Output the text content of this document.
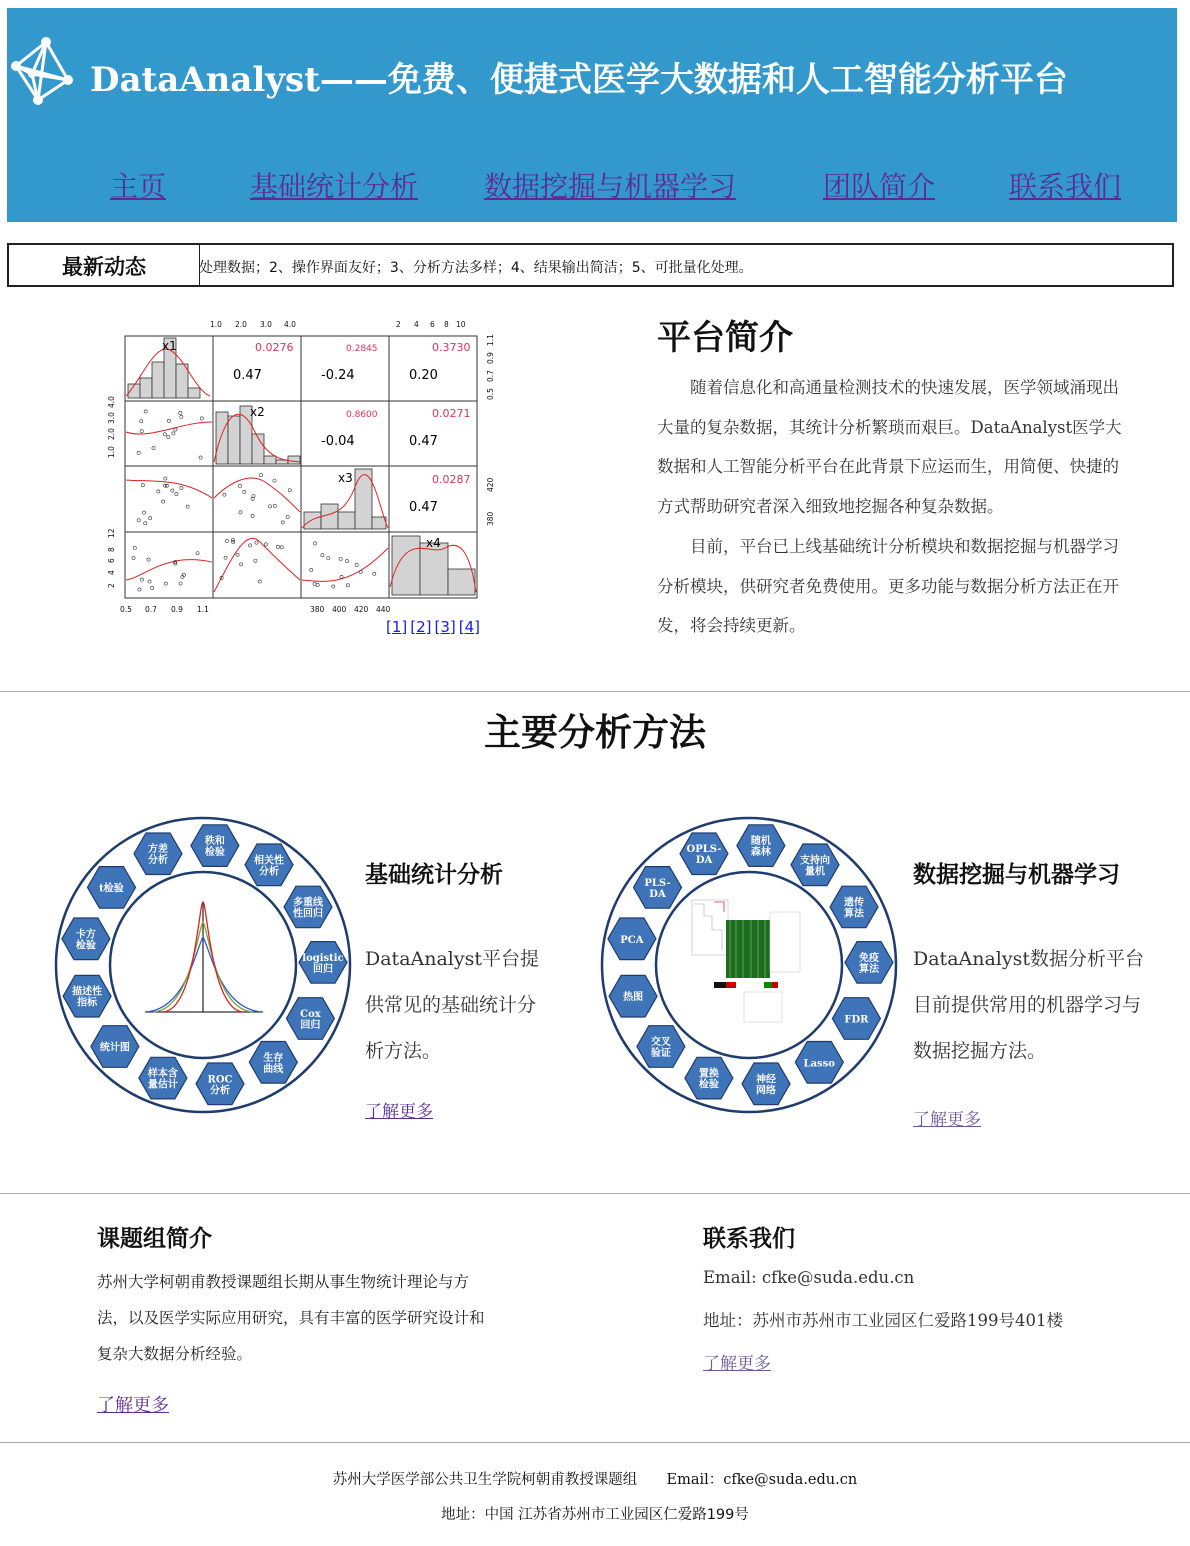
DataAnalyst——免费、便捷式医学大数据和人工智能分析平台
主页	基础统计分析 数据挖掘与机器学习	团队简介	联系我们
最新动态	处理数据；2、操作界面友好；3、分析方法多样；4、结果输出简洁；5、可批量化处理。
1.0 2.0 3.0 4.0	2 4 6 8 10
0.5 0.7 0.9 1.1	380 400 420 440
1.0
2.0
3.0
4.0
2
4
6
8
12
0.5
0.7
0.9
1.1
380
420
x1
x2
x3
x4
0.0276
0.47
0.2845
-0.24
0.3730
0.20
0.8600
-0.04
0.0271
0.47
0.0287
0.47
[1] [2] [3] [4]
平台简介
随着信息化和高通量检测技术的快速发展，医学领域涌现出大量的复杂数据，其统计分析繁琐而艰巨。DataAnalyst医学大数据和人工智能分析平台在此背景下应运而生，用简便、快捷的方式帮助研究者深入细致地挖掘各种复杂数据。
目前，平台已上线基础统计分析模块和数据挖掘与机器学习分析模块，供研究者免费使用。更多功能与数据分析方法正在开发，将会持续更新。
主要分析方法
方差
分析
秩和
检验
相关性
分析
多重线
性回归
logistic
回归
Cox
回归
生存
曲线
ROC
分析
样本含
量估计
统计图
描述性
指标
卡方
检验
t检验
基础统计分析
DataAnalyst平台提供常见的基础统计分析方法。
了解更多
OPLS-
DA
随机
森林
支持向
量机
遗传
算法
免疫
算法
FDR
Lasso
神经
网络
置换
检验
交叉
验证
热图
PCA
PLS-
DA
数据挖掘与机器学习
DataAnalyst数据分析平台目前提供常用的机器学习与数据挖掘方法。
了解更多
课题组简介
苏州大学柯朝甫教授课题组长期从事生物统计理论与方法，以及医学实际应用研究，具有丰富的医学研究设计和复杂大数据分析经验。
了解更多
联系我们
Email: cfke@suda.edu.cn
地址：苏州市苏州市工业园区仁爱路199号401楼
了解更多
苏州大学医学部公共卫生学院柯朝甫教授课题组 Email：cfke@suda.edu.cn
地址：中国 江苏省苏州市工业园区仁爱路199号
